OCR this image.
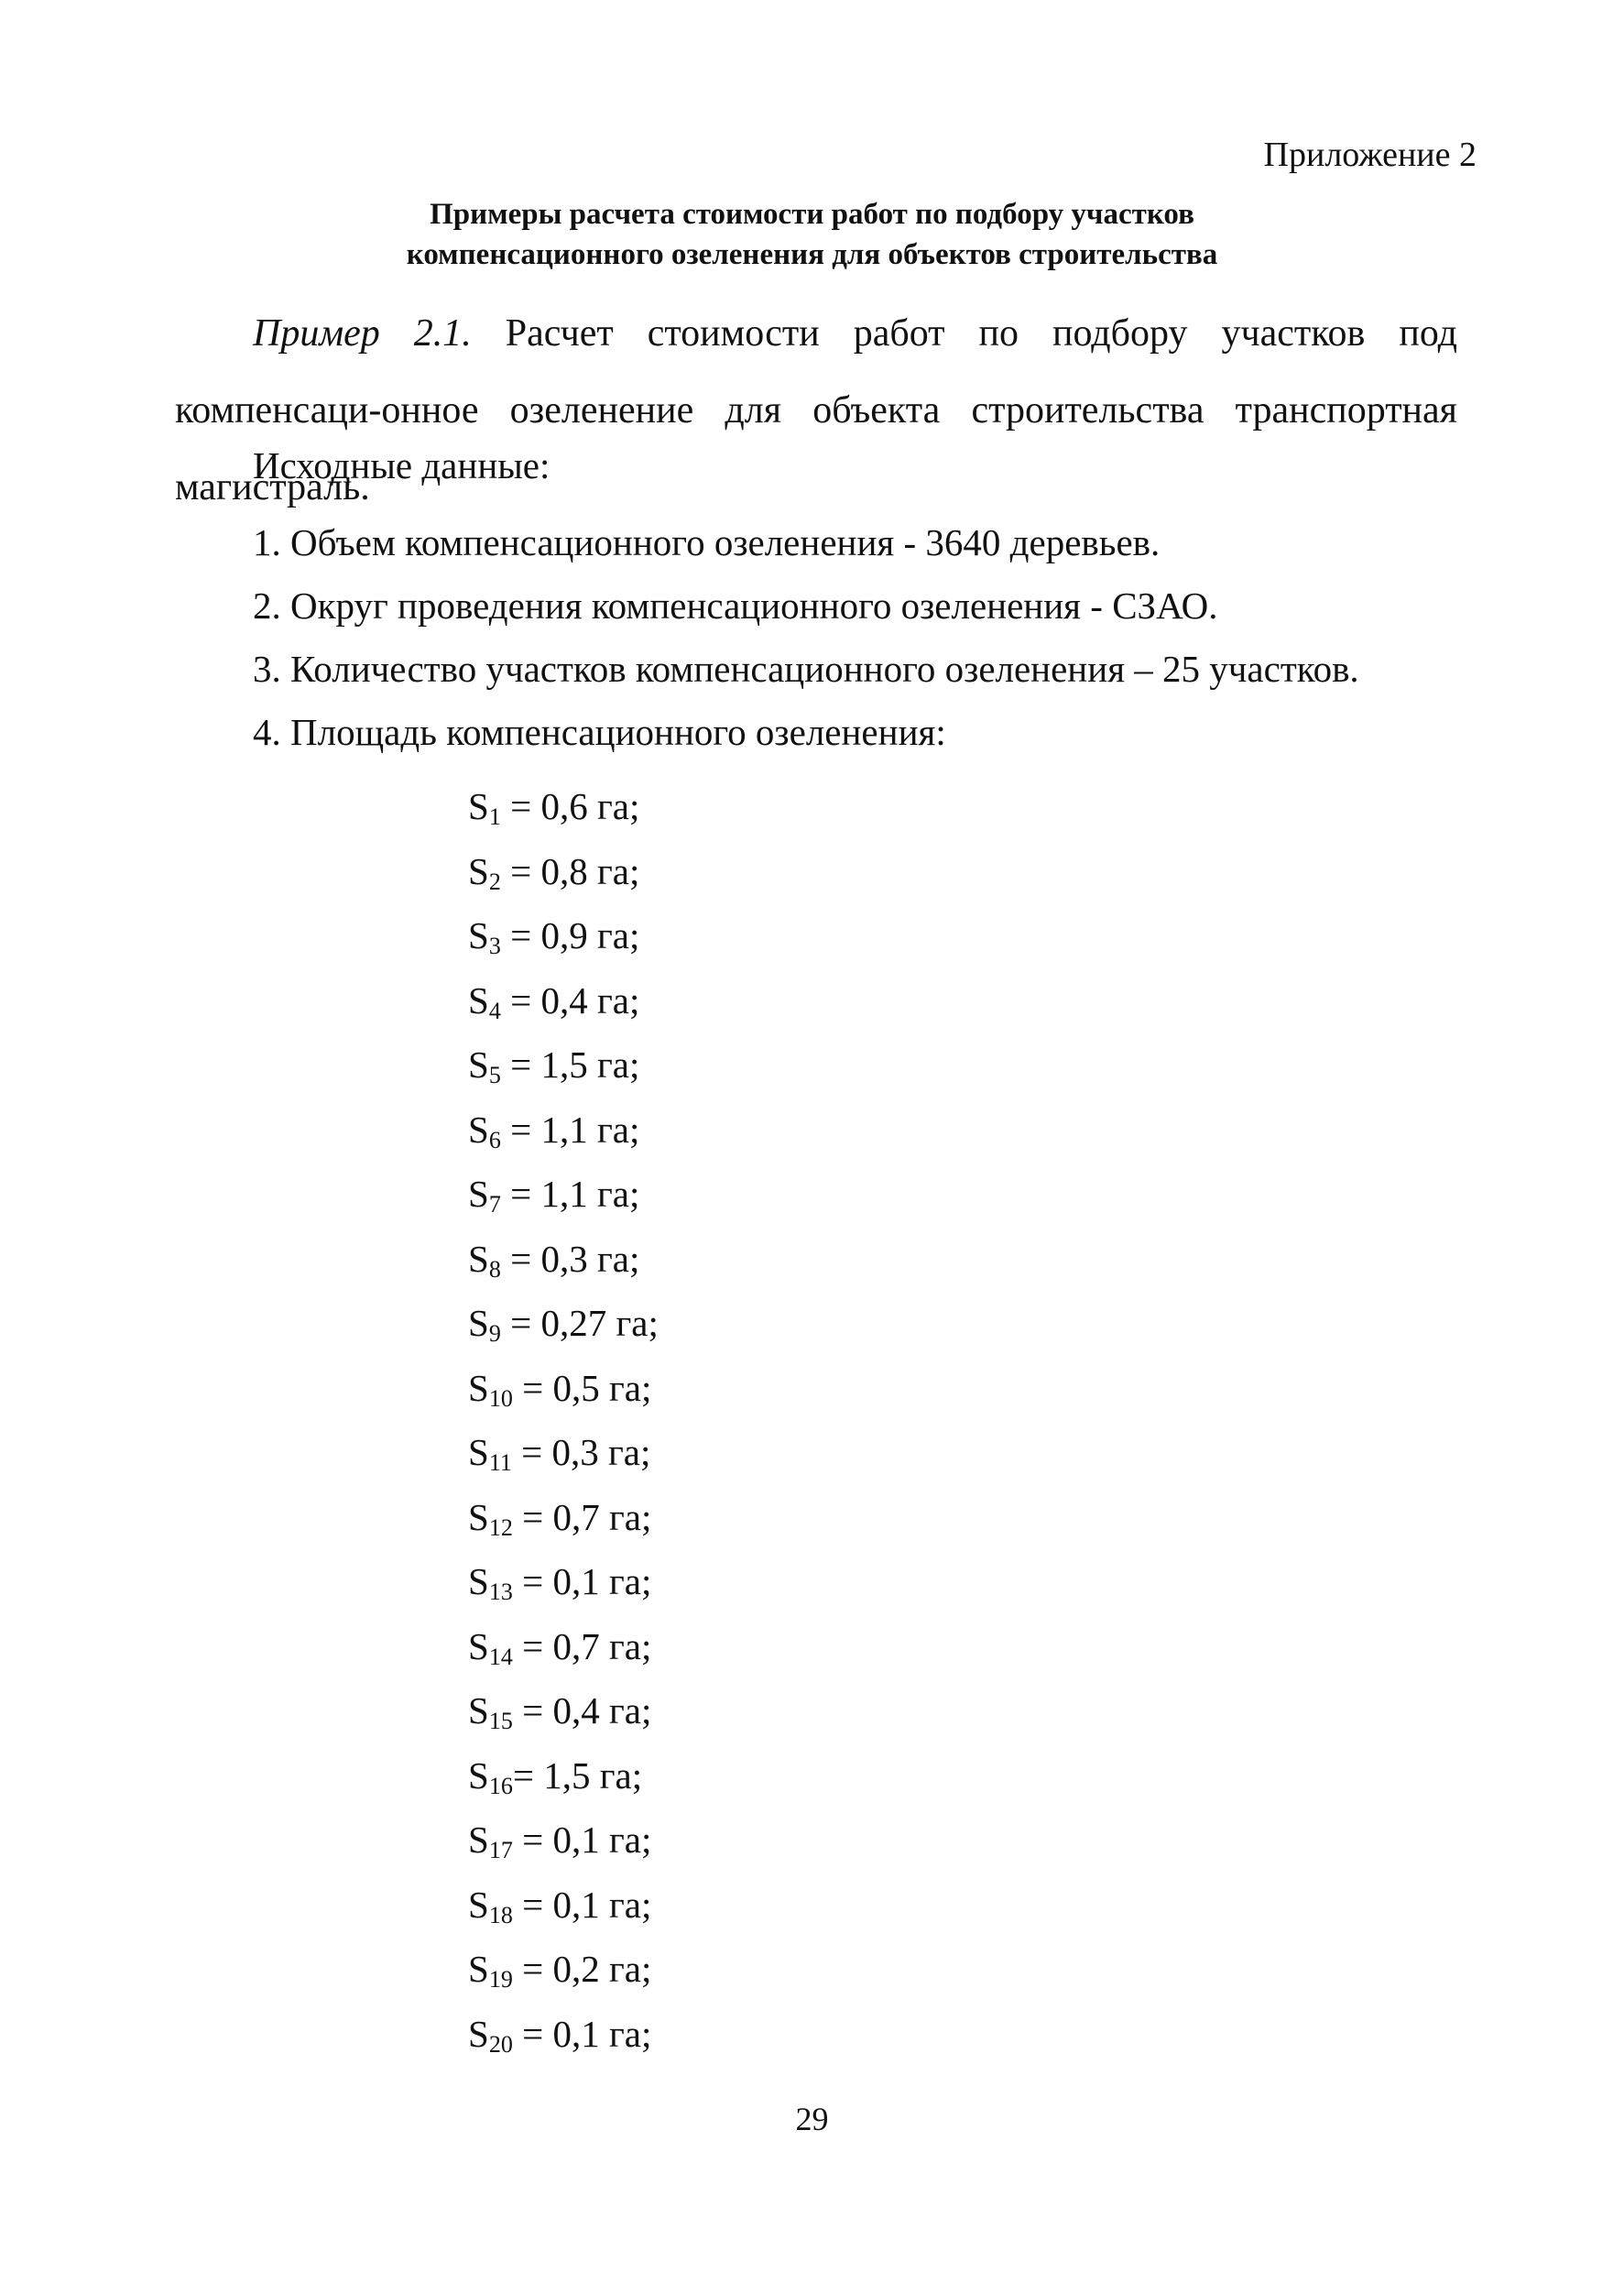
Приложение 2
Примеры расчета стоимости работ по подбору участков
компенсационного озеленения для объектов строительства

Пример 2.1. Расчет стоимости работ по подбору участков под компенсаци-онное озеленение для объекта строительства транспортная магистраль.

Исходные данные:
1. Объем компенсационного озеленения - 3640 деревьев.
2. Округ проведения компенсационного озеленения - СЗАО.
3. Количество участков компенсационного озеленения – 25 участков.
4. Площадь компенсационного озеленения:
$S_1 = 0,6$ га;
$S_2 = 0,8$ га;
$S_3 = 0,9$ га;
$S_4 = 0,4$ га;
$S_5 = 1,5$ га;
$S_6 = 1,1$ га;
$S_7 = 1,1$ га;
$S_8 = 0,3$ га;
$S_9 = 0,27$ га;
$S_{10} = 0,5$ га;
$S_{11} = 0,3$ га;
$S_{12} = 0,7$ га;
$S_{13} = 0,1$ га;
$S_{14} = 0,7$ га;
$S_{15} = 0,4$ га;
$S_{16}= 1,5$ га;
$S_{17} = 0,1$ га;
$S_{18} = 0,1$ га;
$S_{19} = 0,2$ га;
$S_{20} = 0,1$ га;
29
